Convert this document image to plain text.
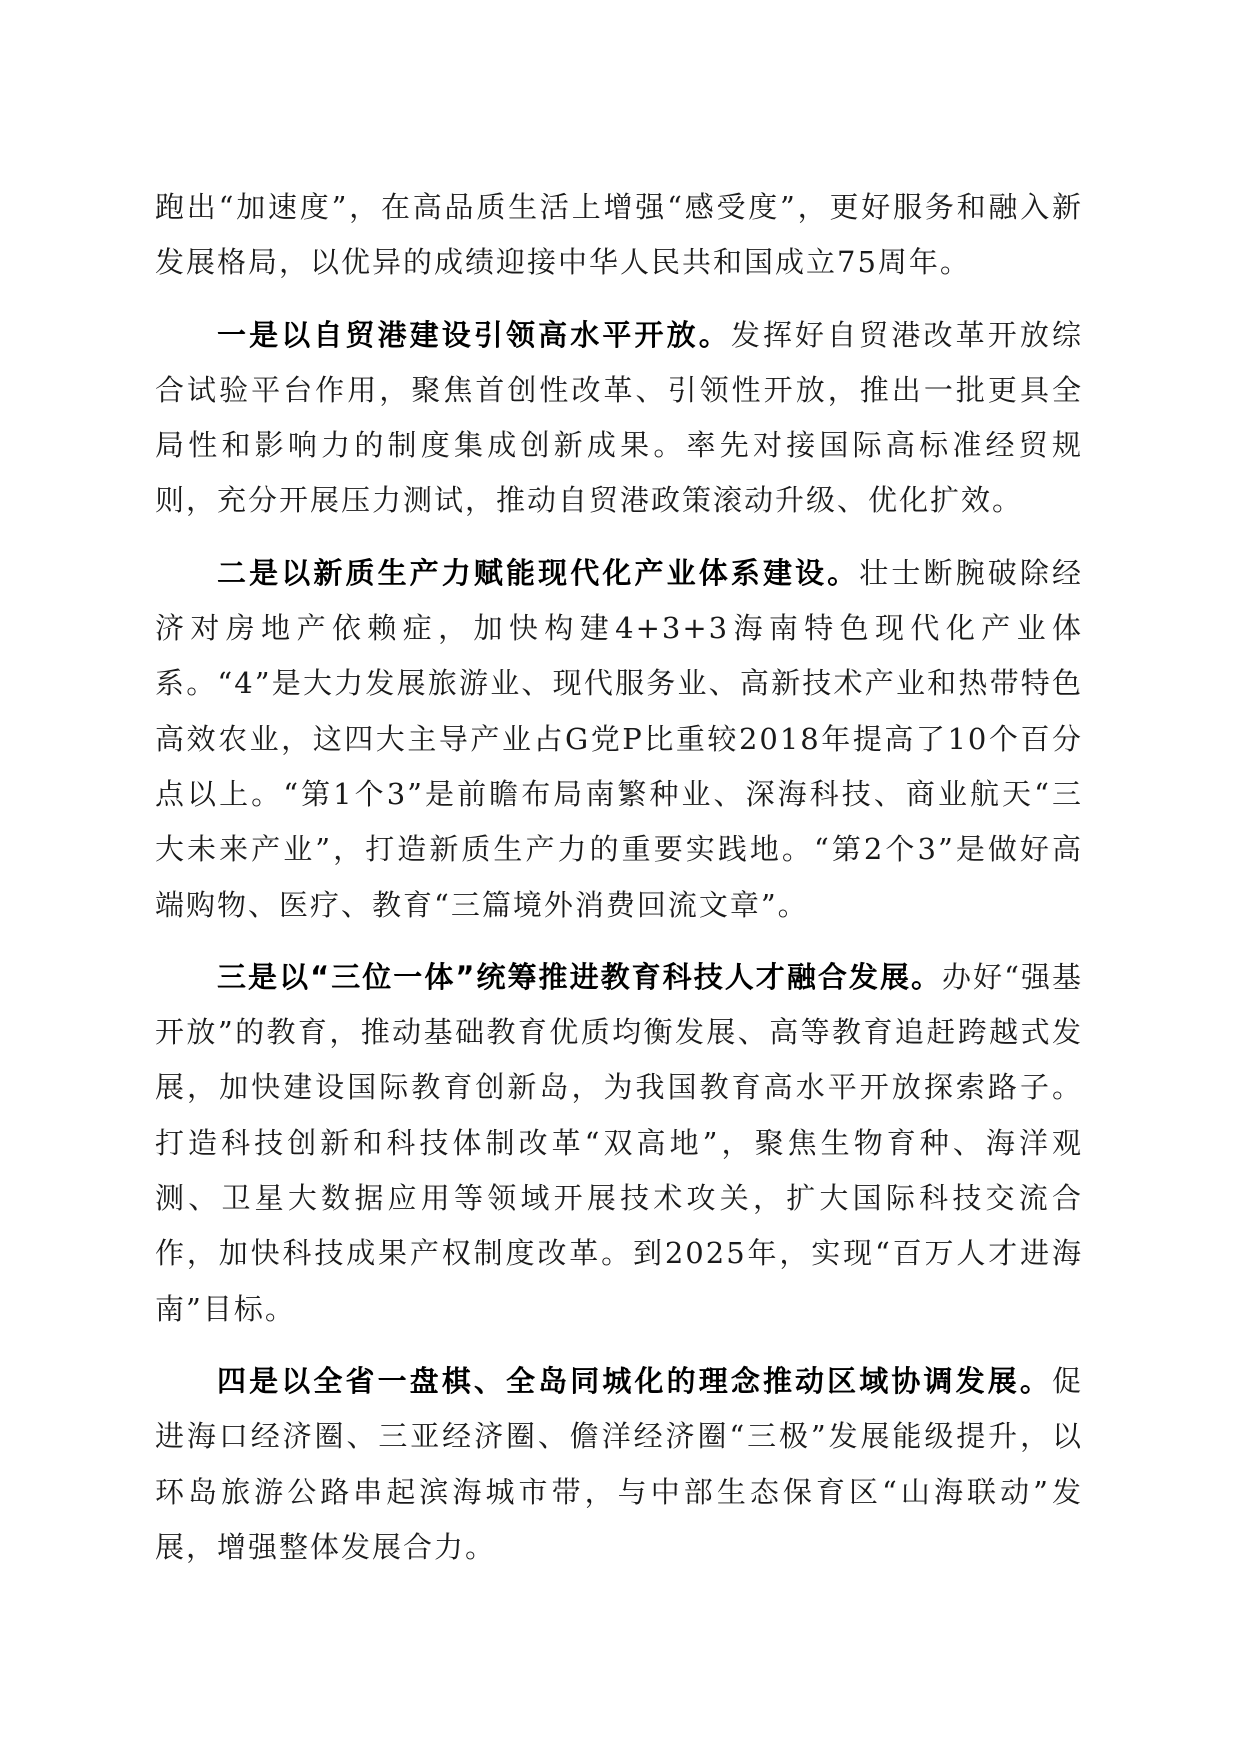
跑出“加速度”，在高品质生活上增强“感受度”，更好服务和融入新发展格局，以优异的成绩迎接中华人民共和国成立75周年。

一是以自贸港建设引领高水平开放。发挥好自贸港改革开放综合试验平台作用，聚焦首创性改革、引领性开放，推出一批更具全局性和影响力的制度集成创新成果。率先对接国际高标准经贸规则，充分开展压力测试，推动自贸港政策滚动升级、优化扩效。

二是以新质生产力赋能现代化产业体系建设。壮士断腕破除经济对房地产依赖症，加快构建4+3+3海南特色现代化产业体系。“4”是大力发展旅游业、现代服务业、高新技术产业和热带特色高效农业，这四大主导产业占G党P比重较2018年提高了10个百分点以上。“第1个3”是前瞻布局南繁种业、深海科技、商业航天“三大未来产业”，打造新质生产力的重要实践地。“第2个3”是做好高端购物、医疗、教育“三篇境外消费回流文章”。

三是以“三位一体”统筹推进教育科技人才融合发展。办好“强基开放”的教育，推动基础教育优质均衡发展、高等教育追赶跨越式发展，加快建设国际教育创新岛，为我国教育高水平开放探索路子。打造科技创新和科技体制改革“双高地”，聚焦生物育种、海洋观测、卫星大数据应用等领域开展技术攻关，扩大国际科技交流合作，加快科技成果产权制度改革。到2025年，实现“百万人才进海南”目标。

四是以全省一盘棋、全岛同城化的理念推动区域协调发展。促进海口经济圈、三亚经济圈、儋洋经济圈“三极”发展能级提升，以环岛旅游公路串起滨海城市带，与中部生态保育区“山海联动”发展，增强整体发展合力。
